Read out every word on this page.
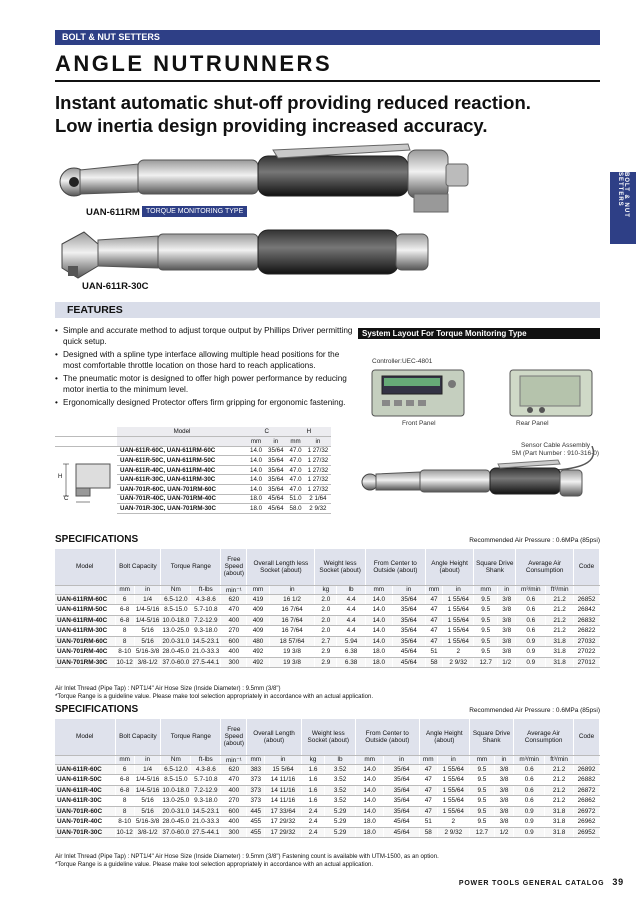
BOLT & NUT SETTERS
ANGLE NUTRUNNERS
Instant automatic shut-off providing reduced reaction.
Low inertia design providing increased accuracy.
BOLT & NUT SETTERS
UAN-611RM TORQUE MONITORING TYPE
UAN-611R-30C
FEATURES
• Simple and accurate method to adjust torque output by Phillips Driver permitting quick setup.
• Designed with a spline type interface allowing multiple head positions for the most comfortable throttle location on those hard to reach applications.
• The pneumatic motor is designed to offer high power performance by reducing motor inertia to the minimum level.
• Ergonomically designed Protector offers firm gripping for ergonomic fastening.
System Layout For Torque Monitoring Type
Controller:UEC-4801
Front Panel	Rear Panel
Sensor Cable Assembly
5M (Part Number : 910-316-0)
H
C
	Model	C		H	
		mm	in	mm	in
	UAN-611R-60C, UAN-611RM-60C	14.0	35/64	47.0	1 27/32
	UAN-611R-50C, UAN-611RM-50C	14.0	35/64	47.0	1 27/32
	UAN-611R-40C, UAN-611RM-40C	14.0	35/64	47.0	1 27/32
	UAN-611R-30C, UAN-611RM-30C	14.0	35/64	47.0	1 27/32
	UAN-701R-60C, UAN-701RM-60C	14.0	35/64	47.0	1 27/32
	UAN-701R-40C, UAN-701RM-40C	18.0	45/64	51.0	2 1/64
	UAN-701R-30C, UAN-701RM-30C	18.0	45/64	58.0	2 9/32
SPECIFICATIONS	Recommended Air Pressure : 0.6MPa (85psi)
Model	Bolt Capacity		Torque Range		Free Speed (about)	Overall Length less Socket (about)		Weight less Socket (about)		From Center to Outside (about)		Angle Height (about)		Square Drive Shank		Average Air Consumption		Code
	mm	in	Nm	ft-lbs	min⁻¹	mm	in	kg	lb	mm	in	mm	in	mm	in	m³/min	ft³/min	
UAN-611RM-60C	6	1/4	6.5-12.0	4.3-8.6	620	419	16 1/2	2.0	4.4	14.0	35/64	47	1 55/64	9.5	3/8	0.6	21.2	26852
UAN-611RM-50C	6-8	1/4-5/16	8.5-15.0	5.7-10.8	470	409	16 7/64	2.0	4.4	14.0	35/64	47	1 55/64	9.5	3/8	0.6	21.2	26842
UAN-611RM-40C	6-8	1/4-5/16	10.0-18.0	7.2-12.9	400	409	16 7/64	2.0	4.4	14.0	35/64	47	1 55/64	9.5	3/8	0.6	21.2	26832
UAN-611RM-30C	8	5/16	13.0-25.0	9.3-18.0	270	409	16 7/64	2.0	4.4	14.0	35/64	47	1 55/64	9.5	3/8	0.6	21.2	26822
UAN-701RM-60C	8	5/16	20.0-31.0	14.5-23.1	600	480	18 57/64	2.7	5.94	14.0	35/64	47	1 55/64	9.5	3/8	0.9	31.8	27032
UAN-701RM-40C	8-10	5/16-3/8	28.0-45.0	21.0-33.3	400	492	19 3/8	2.9	6.38	18.0	45/64	51	2	9.5	3/8	0.9	31.8	27022
UAN-701RM-30C	10-12	3/8-1/2	37.0-60.0	27.5-44.1	300	492	19 3/8	2.9	6.38	18.0	45/64	58	2 9/32	12.7	1/2	0.9	31.8	27012
Air Inlet Thread (Pipe Tap) : NPT1/4" Air Hose Size (Inside Diameter) : 9.5mm (3/8")
*Torque Range is a guideline value. Please make tool selection appropriately in accordance with an actual application.
SPECIFICATIONS	Recommended Air Pressure : 0.6MPa (85psi)
Model	Bolt Capacity		Torque Range		Free Speed (about)	Overall Length (about)		Weight less Socket (about)		From Center to Outside (about)		Angle Height (about)		Square Drive Shank		Average Air Consumption		Code
	mm	in	Nm	ft-lbs	min⁻¹	mm	in	kg	lb	mm	in	mm	in	mm	in	m³/min	ft³/min	
UAN-611R-60C	6	1/4	6.5-12.0	4.3-8.6	620	383	15 5/64	1.6	3.52	14.0	35/64	47	1 55/64	9.5	3/8	0.6	21.2	26892
UAN-611R-50C	6-8	1/4-5/16	8.5-15.0	5.7-10.8	470	373	14 11/16	1.6	3.52	14.0	35/64	47	1 55/64	9.5	3/8	0.6	21.2	26882
UAN-611R-40C	6-8	1/4-5/16	10.0-18.0	7.2-12.9	400	373	14 11/16	1.6	3.52	14.0	35/64	47	1 55/64	9.5	3/8	0.6	21.2	26872
UAN-611R-30C	8	5/16	13.0-25.0	9.3-18.0	270	373	14 11/16	1.6	3.52	14.0	35/64	47	1 55/64	9.5	3/8	0.6	21.2	26862
UAN-701R-60C	8	5/16	20.0-31.0	14.5-23.1	600	445	17 33/64	2.4	5.29	14.0	35/64	47	1 55/64	9.5	3/8	0.9	31.8	26972
UAN-701R-40C	8-10	5/16-3/8	28.0-45.0	21.0-33.3	400	455	17 29/32	2.4	5.29	18.0	45/64	51	2	9.5	3/8	0.9	31.8	26962
UAN-701R-30C	10-12	3/8-1/2	37.0-60.0	27.5-44.1	300	455	17 29/32	2.4	5.29	18.0	45/64	58	2 9/32	12.7	1/2	0.9	31.8	26952
Air Inlet Thread (Pipe Tap) : NPT1/4" Air Hose Size (Inside Diameter) : 9.5mm (3/8") Fastening count is available with UTM-1500, as an option.
*Torque Range is a guideline value. Please make tool selection appropriately in accordance with an actual application.
POWER TOOLS GENERAL CATALOG 39
